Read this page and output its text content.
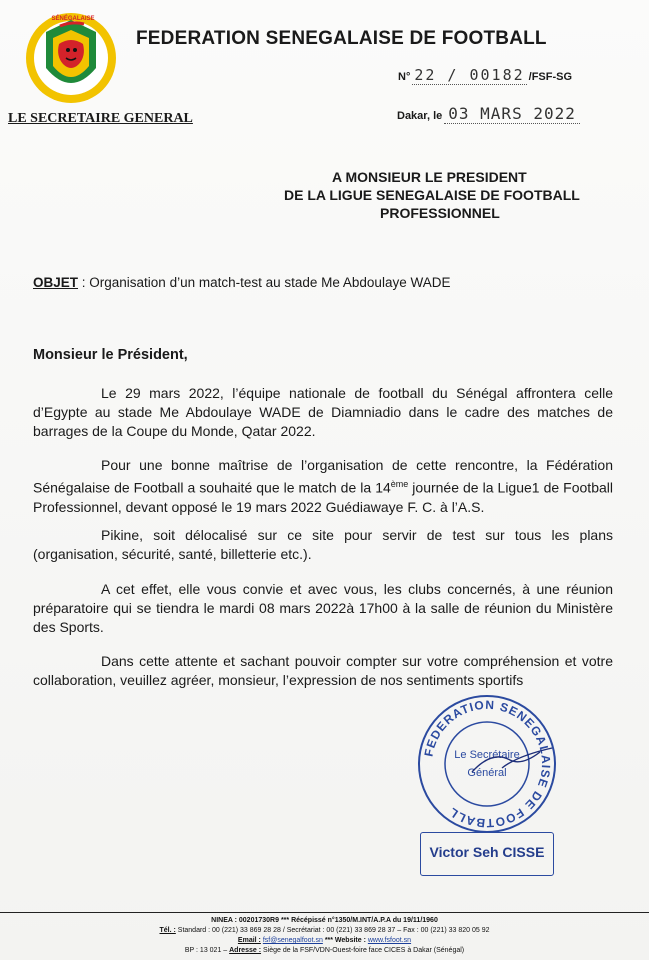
SÉNÉGALAISE
FEDERATION SENEGALAISE DE FOOTBALL
LE SECRETAIRE GENERAL
N° 22 / 00182 /FSF-SG
Dakar, le 03 MARS 2022
A MONSIEUR LE PRESIDENT
DE LA LIGUE SENEGALAISE DE FOOTBALL
PROFESSIONNEL
OBJET : Organisation d’un match-test au stade Me Abdoulaye WADE
Monsieur le Président,
Le 29 mars 2022, l’équipe nationale de football du Sénégal affrontera celle d’Egypte au stade Me Abdoulaye WADE de Diamniadio dans le cadre des matches de barrages de la Coupe du Monde, Qatar 2022.
Pour une bonne maîtrise de l’organisation de cette rencontre, la Fédération Sénégalaise de Football a souhaité que le match de la 14ème journée de la Ligue1 de Football Professionnel, devant opposé le 19 mars 2022 Guédiawaye F. C. à l’A.S.
Pikine, soit délocalisé sur ce site pour servir de test sur tous les plans (organisation, sécurité, santé, billetterie etc.).
A cet effet, elle vous convie et avec vous, les clubs concernés, à une réunion préparatoire qui se tiendra le mardi 08 mars 2022à 17h00 à la salle de réunion du Ministère des Sports.
Dans cette attente et sachant pouvoir compter sur votre compréhension et votre collaboration, veuillez agréer, monsieur, l’expression de nos sentiments sportifs
FEDERATION SENEGALAISE DE FOOTBALL
Le Secrétaire
Général
Victor Seh CISSE
NINEA : 00201730R9 *** Récépissé n°1350/M.INT/A.P.A du 19/11/1960
Tél. : Standard : 00 (221) 33 869 28 28 / Secrétariat : 00 (221) 33 869 28 37 – Fax : 00 (221) 33 820 05 92
Email : fsf@senegalfoot.sn *** Website : www.fsfoot.sn
BP : 13 021 – Adresse : Siège de la FSF/VDN-Ouest-foire face CICES à Dakar (Sénégal)
